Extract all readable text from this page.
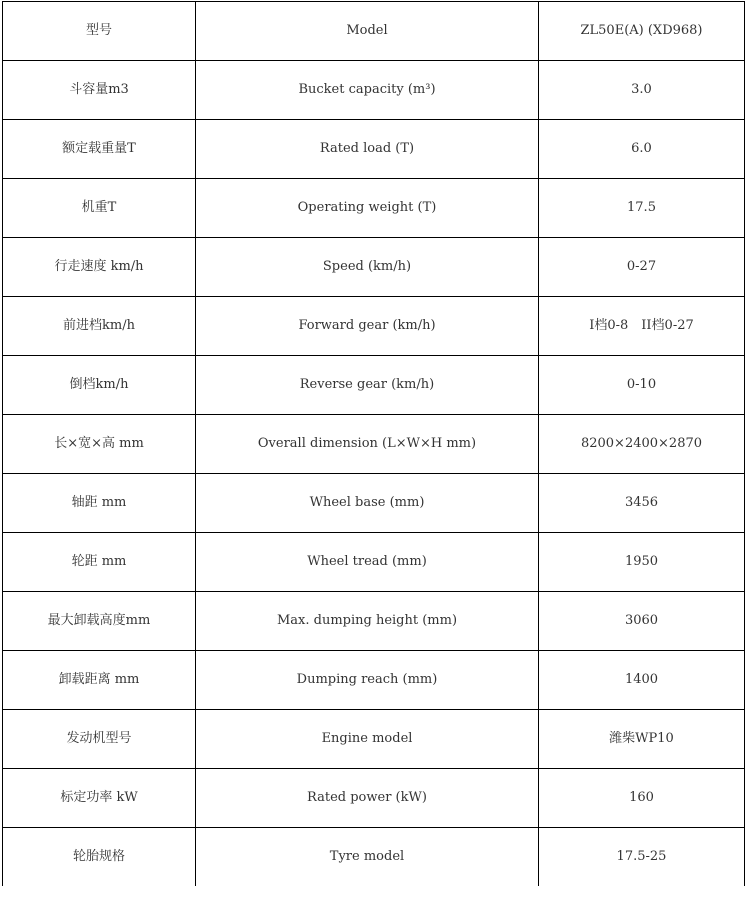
型号	Model	ZL50E(A) (XD968)
斗容量m3	Bucket capacity (m³)	3.0
额定载重量T	Rated load (T)	6.0
机重T	Operating weight (T)	17.5
行走速度 km/h	Speed (km/h)	0-27
前进档km/h	Forward gear (km/h)	I档0-8　II档0-27
倒档km/h	Reverse gear (km/h)	0-10
长×宽×高 mm	Overall dimension (L×W×H mm)	8200×2400×2870
轴距 mm	Wheel base (mm)	3456
轮距 mm	Wheel tread (mm)	1950
最大卸载高度mm	Max. dumping height (mm)	3060
卸载距离 mm	Dumping reach (mm)	1400
发动机型号	Engine model	潍柴WP10
标定功率 kW	Rated power (kW)	160
轮胎规格	Tyre model	17.5-25
